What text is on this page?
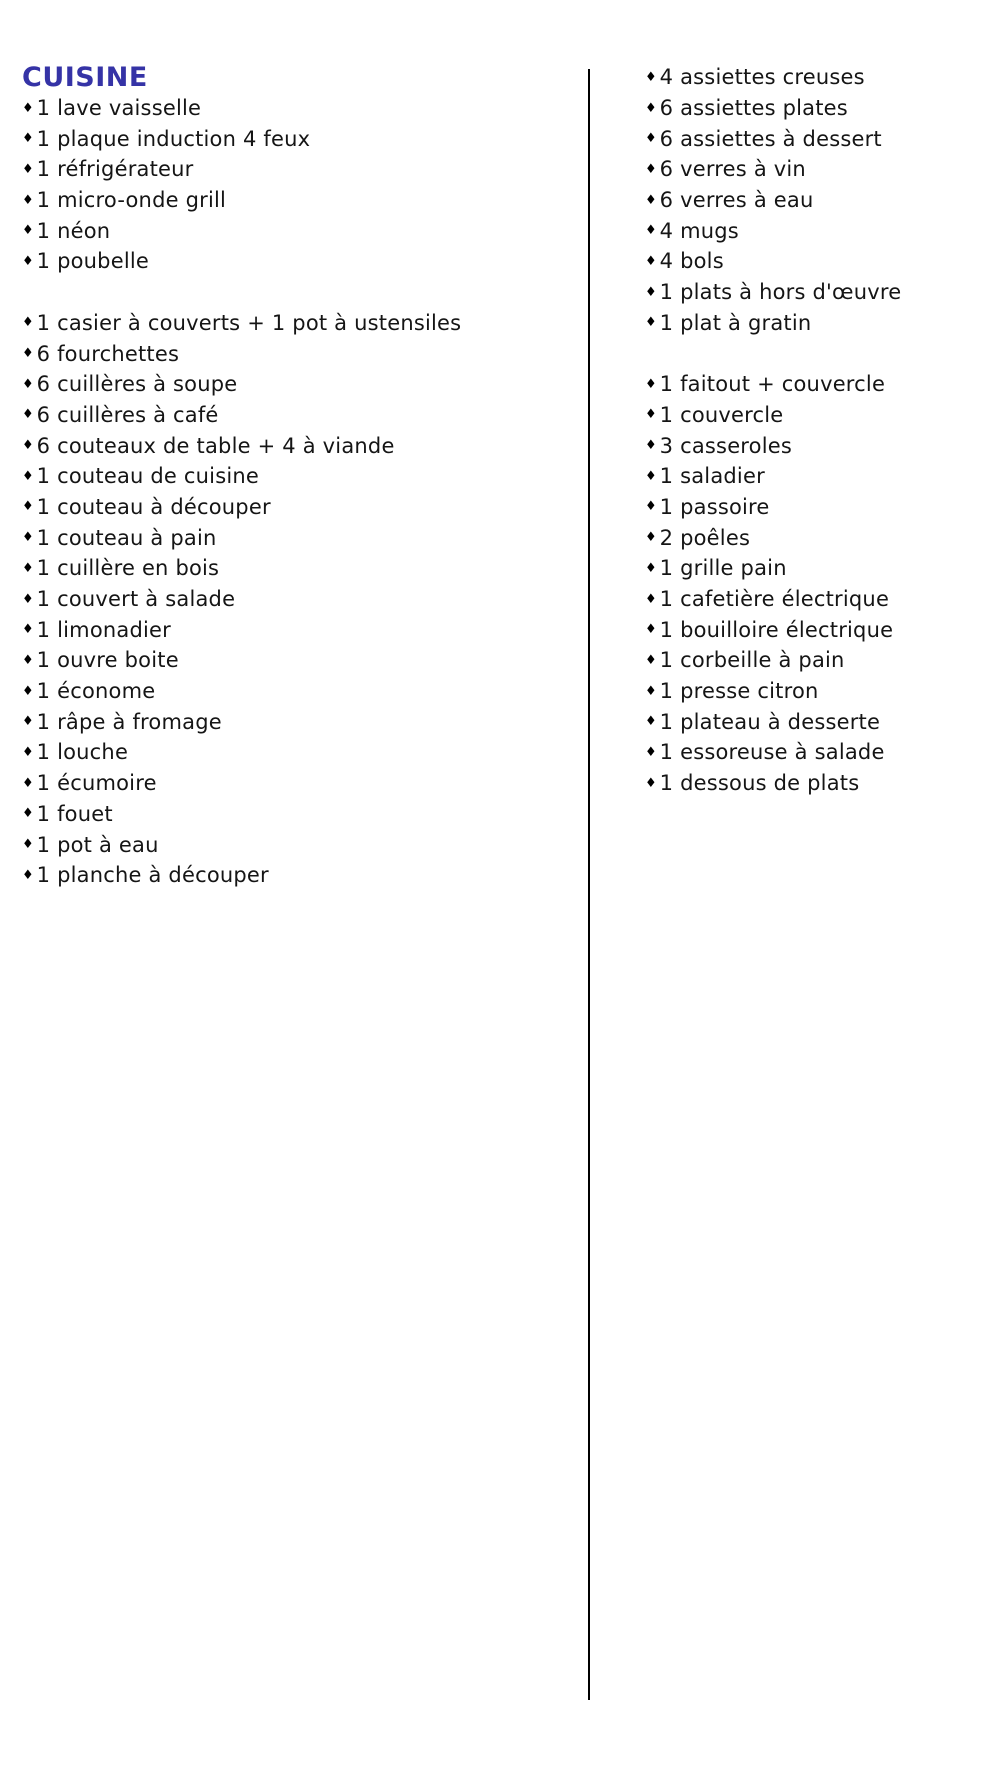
CUISINE
♦ 1 lave vaisselle
♦ 1 plaque induction 4 feux
♦ 1 réfrigérateur
♦ 1 micro-onde grill
♦ 1 néon
♦ 1 poubelle
♦ 1 casier à couverts + 1 pot à ustensiles
♦ 6 fourchettes
♦ 6 cuillères à soupe
♦ 6 cuillères à café
♦ 6 couteaux de table + 4 à viande
♦ 1 couteau de cuisine
♦ 1 couteau à découper
♦ 1 couteau à pain
♦ 1 cuillère en bois
♦ 1 couvert à salade
♦ 1 limonadier
♦ 1 ouvre boite
♦ 1 économe
♦ 1 râpe à fromage
♦ 1 louche
♦ 1 écumoire
♦ 1 fouet
♦ 1 pot à eau
♦ 1 planche à découper
♦ 4 assiettes creuses
♦ 6 assiettes plates
♦ 6 assiettes à dessert
♦ 6 verres à vin
♦ 6 verres à eau
♦ 4 mugs
♦ 4 bols
♦ 1 plats à hors d'œuvre
♦ 1 plat à gratin
♦ 1 faitout + couvercle
♦ 1 couvercle
♦ 3 casseroles
♦ 1 saladier
♦ 1 passoire
♦ 2 poêles
♦ 1 grille pain
♦ 1 cafetière électrique
♦ 1 bouilloire électrique
♦ 1 corbeille à pain
♦ 1 presse citron
♦ 1 plateau à desserte
♦ 1 essoreuse à salade
♦ 1 dessous de plats
